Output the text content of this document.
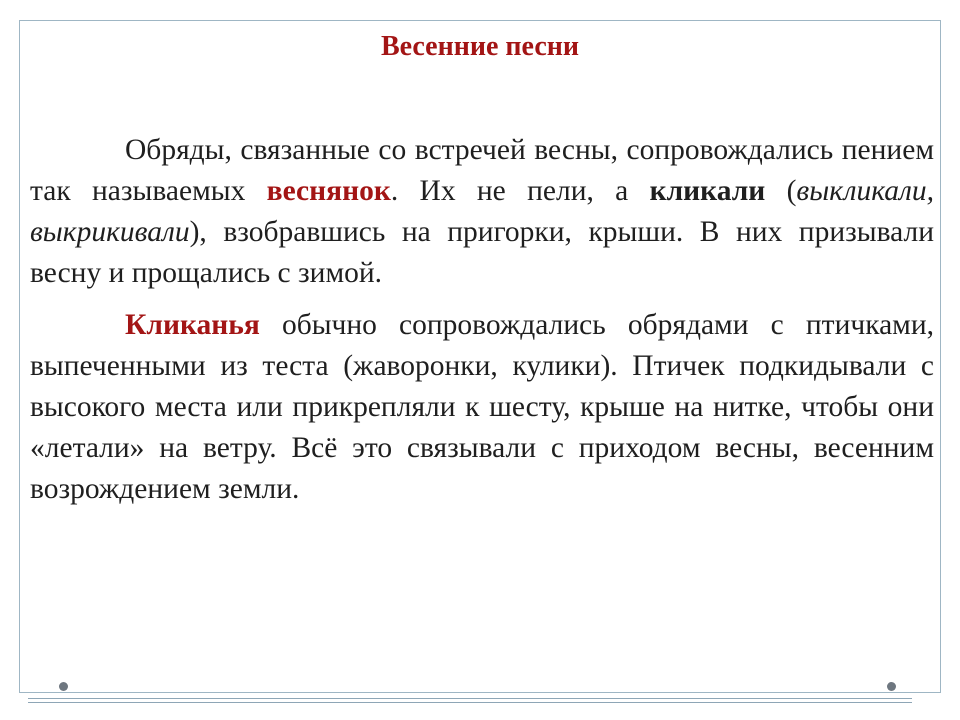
Весенние песни

Обряды, связанные со встречей весны, сопровождались пением так называемых веснянок. Их не пели, а кликали (выкликали, выкрикивали), взобравшись на пригорки, крыши. В них призывали весну и прощались с зимой.

Кликанья обычно сопровождались обрядами с птичками, выпеченными из теста (жаворонки, кулики). Птичек подкидывали с высокого места или прикрепляли к шесту, крыше на нитке, чтобы они «летали» на ветру. Всё это связывали с приходом весны, весенним возрождением земли.
